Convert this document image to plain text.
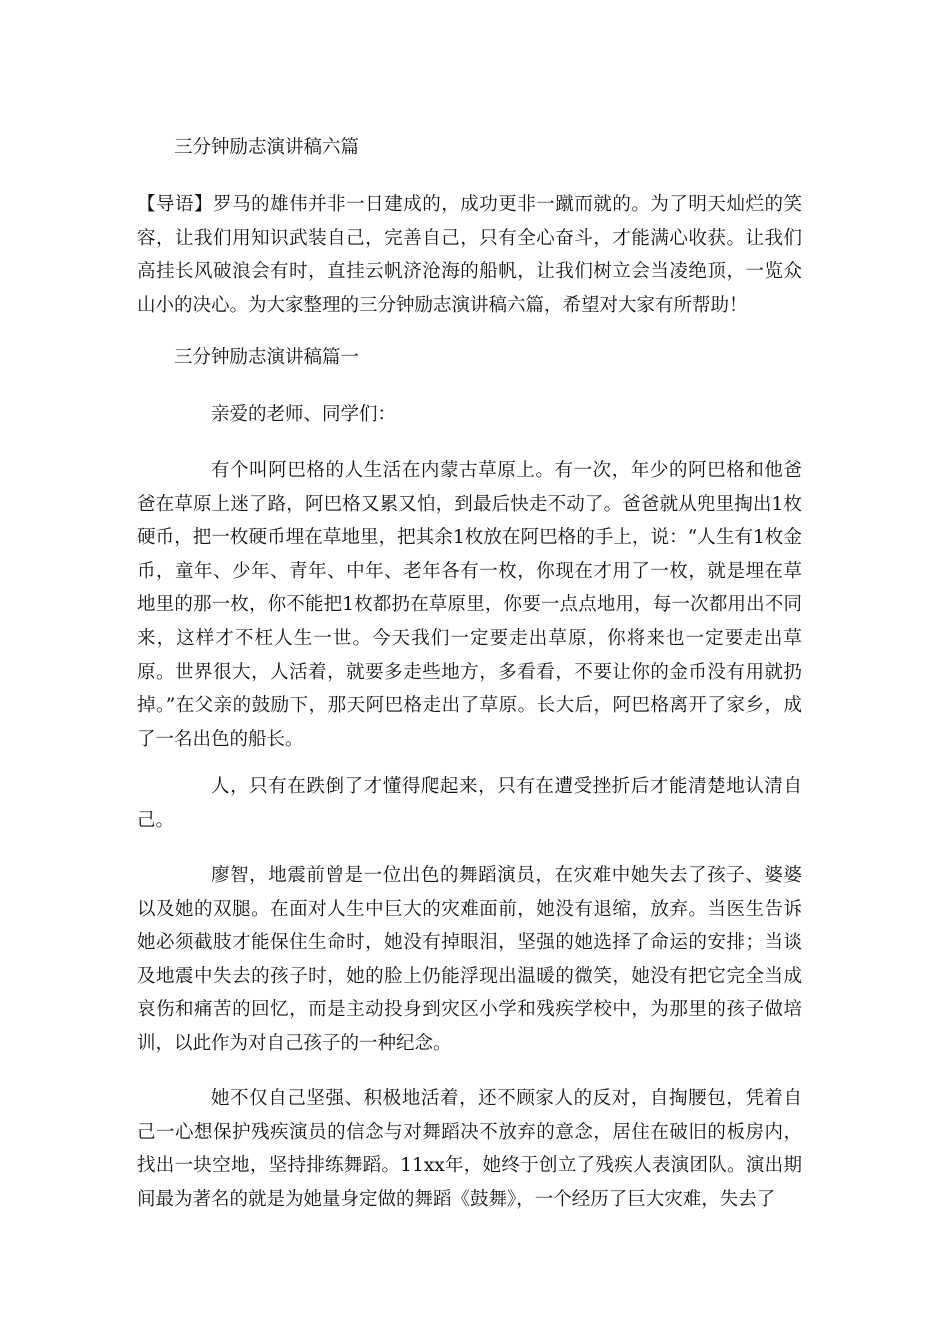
三分钟励志演讲稿六篇

【导语】罗马的雄伟并非一日建成的，成功更非一蹴而就的。为了明天灿烂的笑容，让我们用知识武装自己，完善自己，只有全心奋斗，才能满心收获。让我们高挂长风破浪会有时，直挂云帆济沧海的船帆，让我们树立会当凌绝顶，一览众山小的决心。为大家整理的三分钟励志演讲稿六篇，希望对大家有所帮助！

三分钟励志演讲稿篇一

亲爱的老师、同学们：

有个叫阿巴格的人生活在内蒙古草原上。有一次，年少的阿巴格和他爸爸在草原上迷了路，阿巴格又累又怕，到最后快走不动了。爸爸就从兜里掏出1枚硬币，把一枚硬币埋在草地里，把其余1枚放在阿巴格的手上，说：“人生有1枚金币，童年、少年、青年、中年、老年各有一枚，你现在才用了一枚，就是埋在草地里的那一枚，你不能把1枚都扔在草原里，你要一点点地用，每一次都用出不同来，这样才不枉人生一世。今天我们一定要走出草原，你将来也一定要走出草原。世界很大，人活着，就要多走些地方，多看看，不要让你的金币没有用就扔掉。”在父亲的鼓励下，那天阿巴格走出了草原。长大后，阿巴格离开了家乡，成了一名出色的船长。

人，只有在跌倒了才懂得爬起来，只有在遭受挫折后才能清楚地认清自己。

廖智，地震前曾是一位出色的舞蹈演员，在灾难中她失去了孩子、婆婆以及她的双腿。在面对人生中巨大的灾难面前，她没有退缩，放弃。当医生告诉她必须截肢才能保住生命时，她没有掉眼泪，坚强的她选择了命运的安排；当谈及地震中失去的孩子时，她的脸上仍能浮现出温暖的微笑，她没有把它完全当成哀伤和痛苦的回忆，而是主动投身到灾区小学和残疾学校中，为那里的孩子做培训，以此作为对自己孩子的一种纪念。

她不仅自己坚强、积极地活着，还不顾家人的反对，自掏腰包，凭着自己一心想保护残疾演员的信念与对舞蹈决不放弃的意念，居住在破旧的板房内，找出一块空地，坚持排练舞蹈。11xx年，她终于创立了残疾人表演团队。演出期间最为著名的就是为她量身定做的舞蹈《鼓舞》，一个经历了巨大灾难，失去了
